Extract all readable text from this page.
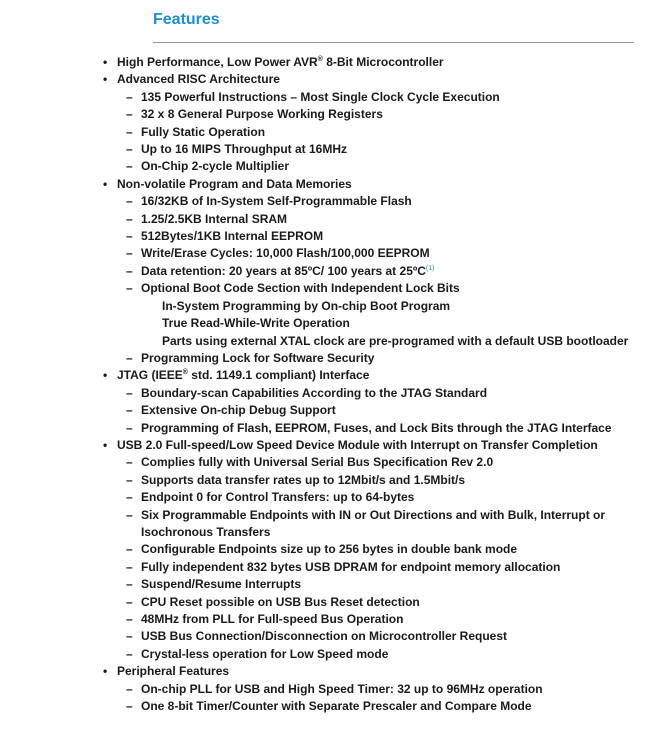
Features
• High Performance, Low Power AVR® 8-Bit Microcontroller
• Advanced RISC Architecture
– 135 Powerful Instructions – Most Single Clock Cycle Execution
– 32 x 8 General Purpose Working Registers
– Fully Static Operation
– Up to 16 MIPS Throughput at 16MHz
– On-Chip 2-cycle Multiplier
• Non-volatile Program and Data Memories
– 16/32KB of In-System Self-Programmable Flash
– 1.25/2.5KB Internal SRAM
– 512Bytes/1KB Internal EEPROM
– Write/Erase Cycles: 10,000 Flash/100,000 EEPROM
– Data retention: 20 years at 85ºC/ 100 years at 25ºC$^{(1)}$
– Optional Boot Code Section with Independent Lock Bits
In-System Programming by On-chip Boot Program
True Read-While-Write Operation
Parts using external XTAL clock are pre-programed with a default USB bootloader
– Programming Lock for Software Security
• JTAG (IEEE® std. 1149.1 compliant) Interface
– Boundary-scan Capabilities According to the JTAG Standard
– Extensive On-chip Debug Support
– Programming of Flash, EEPROM, Fuses, and Lock Bits through the JTAG Interface
• USB 2.0 Full-speed/Low Speed Device Module with Interrupt on Transfer Completion
– Complies fully with Universal Serial Bus Specification Rev 2.0
– Supports data transfer rates up to 12Mbit/s and 1.5Mbit/s
– Endpoint 0 for Control Transfers: up to 64-bytes
– Six Programmable Endpoints with IN or Out Directions and with Bulk, Interrupt or
Isochronous Transfers
– Configurable Endpoints size up to 256 bytes in double bank mode
– Fully independent 832 bytes USB DPRAM for endpoint memory allocation
– Suspend/Resume Interrupts
– CPU Reset possible on USB Bus Reset detection
– 48MHz from PLL for Full-speed Bus Operation
– USB Bus Connection/Disconnection on Microcontroller Request
– Crystal-less operation for Low Speed mode
• Peripheral Features
– On-chip PLL for USB and High Speed Timer: 32 up to 96MHz operation
– One 8-bit Timer/Counter with Separate Prescaler and Compare Mode
